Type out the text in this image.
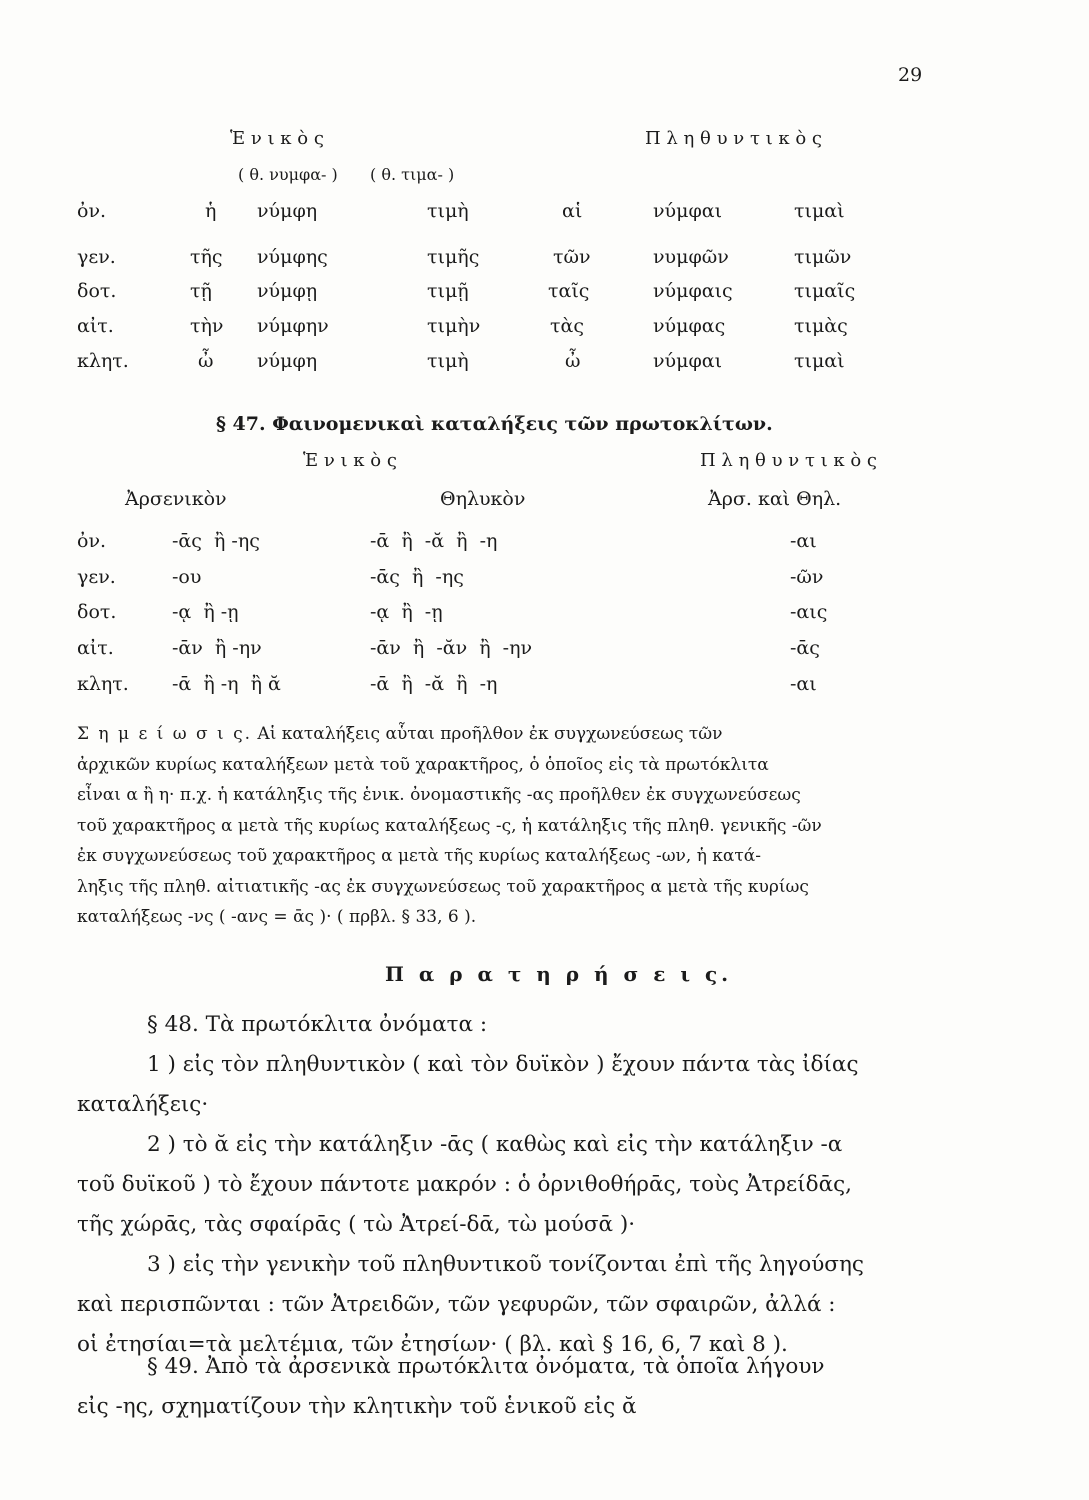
29
Ἑ ν ι κ ὸ ς	Π λ η θ υ ν τ ι κ ὸ ς
( θ. νυμφα- ) ( θ. τιμα- )
ὀν.	ἡ νύμφη	τιμὴ	αἱ	νύμφαι	τιμαὶ
γεν.	τῆς νύμφης	τιμῆς	τῶν	νυμφῶν	τιμῶν
δοτ.	τῇ νύμφῃ	τιμῇ	ταῖς	νύμφαις	τιμαῖς
αἰτ.	τὴν νύμφην	τιμὴν	τὰς	νύμφας	τιμὰς
κλητ.	ὦ νύμφη	τιμὴ	ὦ	νύμφαι	τιμαὶ
§ 47. Φαινομενικαὶ καταλήξεις τῶν πρωτοκλίτων.
Ἑ ν ι κ ὸ ς	Π λ η θ υ ν τ ι κ ὸ ς
Ἀρσενικὸν	Θηλυκὸν	Ἀρσ. καὶ Θηλ.
ὀν.	-ᾱς  ἢ -ης	-ᾱ  ἢ  -ᾰ  ἢ  -η	-αι
γεν.	-ου	-ᾱς  ἢ  -ης	-ῶν
δοτ.	-ᾳ  ἢ -ῃ	-ᾳ  ἢ  -ῃ	-αις
αἰτ.	-ᾱν  ἢ -ην	-ᾱν  ἢ  -ᾰν  ἢ  -ην	-ᾱς
κλητ. -ᾱ  ἢ -η  ἢ ᾰ	-ᾱ  ἢ  -ᾰ  ἢ  -η	-αι
Σ η μ ε ί ω σ ι ς. Αἱ καταλήξεις αὗται προῆλθον ἐκ συγχωνεύσεως τῶν
ἀρχικῶν κυρίως καταλήξεων μετὰ τοῦ χαρακτῆρος, ὁ ὁποῖος εἰς τὰ πρωτόκλιτα
εἶναι α ἢ η· π.χ. ἡ κατάληξις τῆς ἑνικ. ὀνομαστικῆς -ας προῆλθεν ἐκ συγχωνεύσεως
τοῦ χαρακτῆρος α μετὰ τῆς κυρίως καταλήξεως -ς, ἡ κατάληξις τῆς πληθ. γενικῆς -ῶν
ἐκ συγχωνεύσεως τοῦ χαρακτῆρος α μετὰ τῆς κυρίως καταλήξεως -ων, ἡ κατά-
ληξις τῆς πληθ. αἰτιατικῆς -ας ἐκ συγχωνεύσεως τοῦ χαρακτῆρος α μετὰ τῆς κυρίως
καταλήξεως -νς ( -ανς = ᾱς )· ( πρβλ. § 33, 6 ).
Π α ρ α τ η ρ ή σ ε ι ς.
§ 48. Τὰ πρωτόκλιτα ὀνόματα :
1 ) εἰς τὸν πληθυντικὸν ( καὶ τὸν δυϊκὸν ) ἔχουν πάντα τὰς ἰδίας
καταλήξεις·
2 ) τὸ ᾰ εἰς τὴν κατάληξιν -ᾱς ( καθὼς καὶ εἰς τὴν κατάληξιν -α
τοῦ δυϊκοῦ ) τὸ ἔχουν πάντοτε μακρόν : ὁ ὀρνιθοθήρᾱς, τοὺς Ἀτρείδᾱς,
τῆς χώρᾱς, τὰς σφαίρᾱς ( τὼ Ἀτρεί-δᾱ, τὼ μούσᾱ )·
3 ) εἰς τὴν γενικὴν τοῦ πληθυντικοῦ τονίζονται ἐπὶ τῆς ληγούσης
καὶ περισπῶνται : τῶν Ἀτρειδῶν, τῶν γεφυρῶν, τῶν σφαιρῶν, ἀλλά :
οἱ ἐτησίαι=τὰ μελτέμια, τῶν ἐτησίων· ( βλ. καὶ § 16, 6, 7 καὶ 8 ).
§ 49. Ἀπὸ τὰ ἀρσενικὰ πρωτόκλιτα ὀνόματα, τὰ ὁποῖα λήγουν
εἰς -ης, σχηματίζουν τὴν κλητικὴν τοῦ ἑνικοῦ εἰς ᾰ
